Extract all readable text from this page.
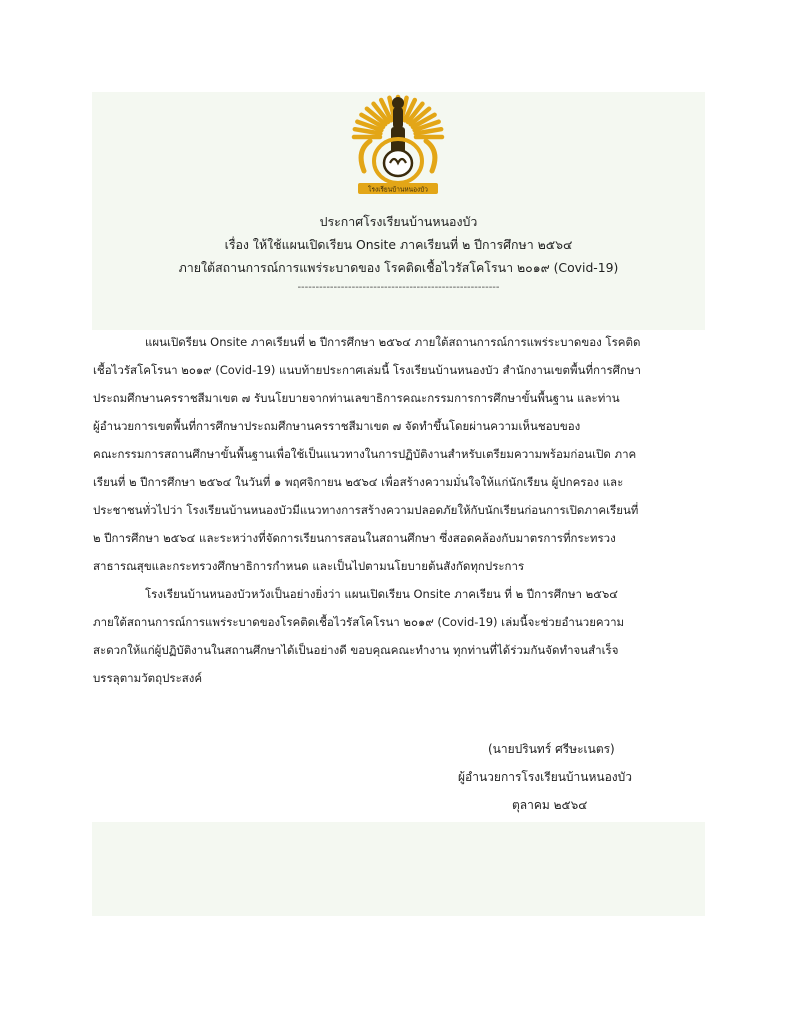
โรงเรียนบ้านหนองบัว
ประกาศโรงเรียนบ้านหนองบัว
เรื่อง ให้ใช้แผนเปิดเรียน Onsite ภาคเรียนที่ ๒ ปีการศึกษา ๒๕๖๔
ภายใต้สถานการณ์การแพร่ระบาดของ โรคติดเชื้อไวรัสโคโรนา ๒๐๑๙ (Covid-19)
--------------------------------------------------------
แผนเปิดรียน Onsite ภาคเรียนที่ ๒ ปีการศึกษา ๒๕๖๔ ภายใต้สถานการณ์การแพร่ระบาดของ โรคติด
เชื้อไวรัสโคโรนา ๒๐๑๙ (Covid-19) แนบท้ายประกาศเล่มนี้ โรงเรียนบ้านหนองบัว สำนักงานเขตพื้นที่การศึกษา
ประถมศึกษานครราชสีมาเขต ๗ รับนโยบายจากท่านเลขาธิการคณะกรรมการการศึกษาขั้นพื้นฐาน และท่าน
ผู้อำนวยการเขตพื้นที่การศึกษาประถมศึกษานครราชสีมาเขต ๗ จัดทำขึ้นโดยผ่านความเห็นชอบของ
คณะกรรมการสถานศึกษาขั้นพื้นฐานเพื่อใช้เป็นแนวทางในการปฏิบัติงานสำหรับเตรียมความพร้อมก่อนเปิด ภาค
เรียนที่ ๒ ปีการศึกษา ๒๕๖๔ ในวันที่ ๑ พฤศจิกายน ๒๕๖๔ เพื่อสร้างความมั่นใจให้แก่นักเรียน ผู้ปกครอง และ
ประชาชนทั่วไปว่า โรงเรียนบ้านหนองบัวมีแนวทางการสร้างความปลอดภัยให้กับนักเรียนก่อนการเปิดภาคเรียนที่
๒ ปีการศึกษา ๒๕๖๔ และระหว่างที่จัดการเรียนการสอนในสถานศึกษา ซึ่งสอดคล้องกับมาตรการที่กระทรวง
สาธารณสุขและกระทรวงศึกษาธิการกำหนด และเป็นไปตามนโยบายต้นสังกัดทุกประการ
โรงเรียนบ้านหนองบัวหวังเป็นอย่างยิ่งว่า แผนเปิดเรียน Onsite ภาคเรียน ที่ ๒ ปีการศึกษา ๒๕๖๔
ภายใต้สถานการณ์การแพร่ระบาดของโรคติดเชื้อไวรัสโคโรนา ๒๐๑๙ (Covid-19) เล่มนี้จะช่วยอำนวยความ
สะดวกให้แก่ผู้ปฏิบัติงานในสถานศึกษาได้เป็นอย่างดี ขอบคุณคณะทำงาน ทุกท่านที่ได้ร่วมกันจัดทำจนสำเร็จ
บรรลุตามวัตถุประสงค์
(นายปรินทร์ ศรีษะเนตร)
ผู้อำนวยการโรงเรียนบ้านหนองบัว
ตุลาคม ๒๕๖๔
